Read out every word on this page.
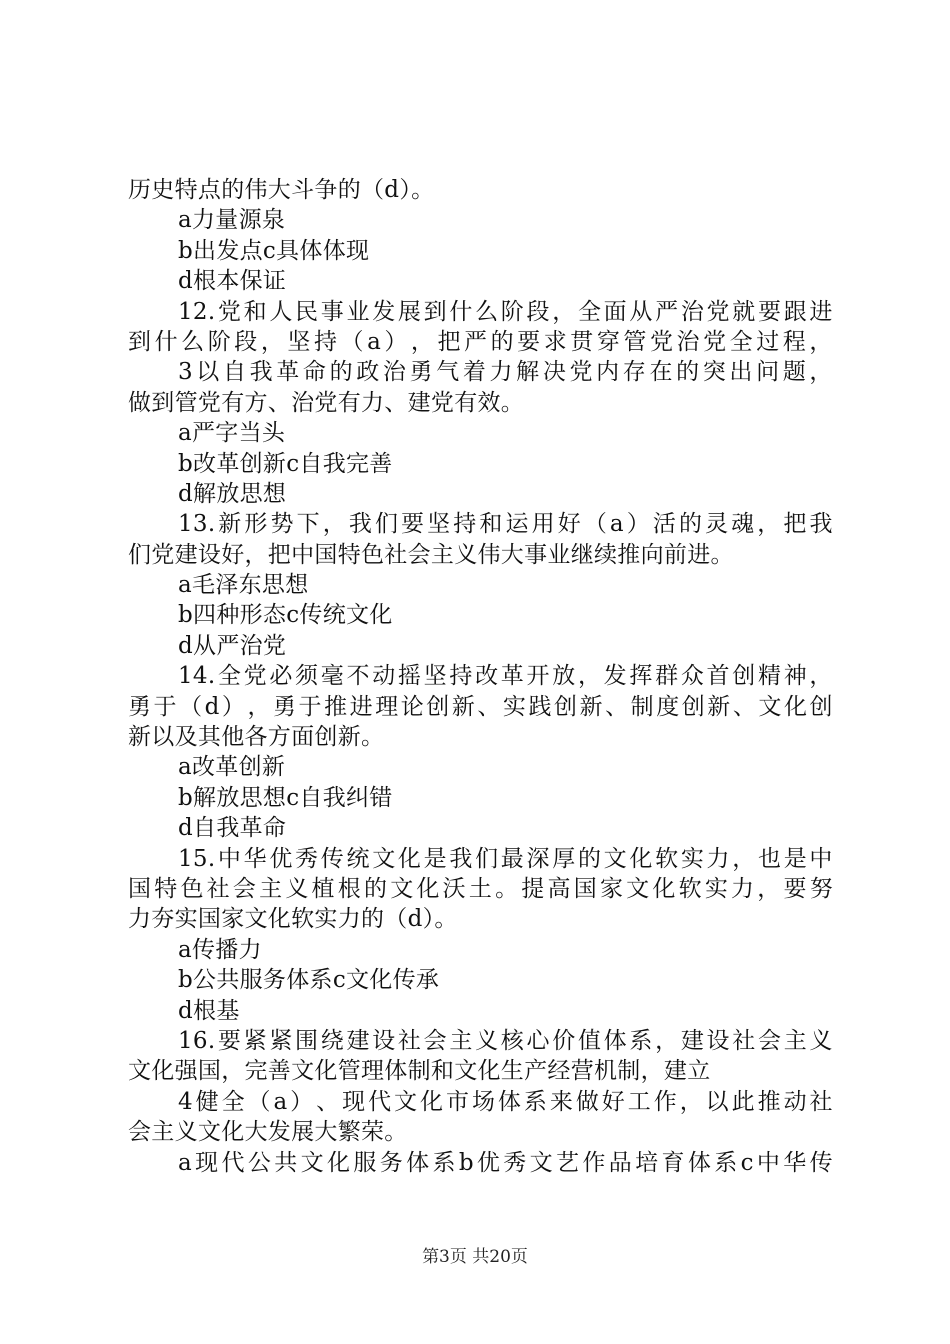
历史特点的伟大斗争的（d）。
a力量源泉
b出发点c具体体现
d根本保证
12. 党 和 人 民 事 业 发 展 到 什 么 阶 段 ， 全 面 从 严 治 党 就 要 跟 进
到 什 么 阶 段 ， 坚 持 （ a ） ， 把 严 的 要 求 贯 穿 管 党 治 党 全 过 程 ，
3 以 自 我 革 命 的 政 治 勇 气 着 力 解 决 党 内 存 在 的 突 出 问 题 ，
做到管党有方、治党有力、建党有效。
a严字当头
b改革创新c自我完善
d解放思想
13. 新 形 势 下 ， 我 们 要 坚 持 和 运 用 好 （ a ） 活 的 灵 魂 ， 把 我
们党建设好，把中国特色社会主义伟大事业继续推向前进。
a毛泽东思想
b四种形态c传统文化
d从严治党
14. 全 党 必 须 毫 不 动 摇 坚 持 改 革 开 放 ， 发 挥 群 众 首 创 精 神 ，
勇 于 （ d ） ， 勇 于 推 进 理 论 创 新 、 实 践 创 新 、 制 度 创 新 、 文 化 创
新以及其他各方面创新。
a改革创新
b解放思想c自我纠错
d自我革命
15. 中 华 优 秀 传 统 文 化 是 我 们 最 深 厚 的 文 化 软 实 力 ， 也 是 中
国 特 色 社 会 主 义 植 根 的 文 化 沃 土 。 提 高 国 家 文 化 软 实 力 ， 要 努
力夯实国家文化软实力的（d）。
a传播力
b公共服务体系c文化传承
d根基
16. 要 紧 紧 围 绕 建 设 社 会 主 义 核 心 价 值 体 系 ， 建 设 社 会 主 义
文化强国，完善文化管理体制和文化生产经营机制，建立
4 健 全 （ a ） 、 现 代 文 化 市 场 体 系 来 做 好 工 作 ， 以 此 推 动 社
会主义文化大发展大繁荣。
a 现 代 公 共 文 化 服 务 体 系 b 优 秀 文 艺 作 品 培 育 体 系 c 中 华 传
第3页 共20页
